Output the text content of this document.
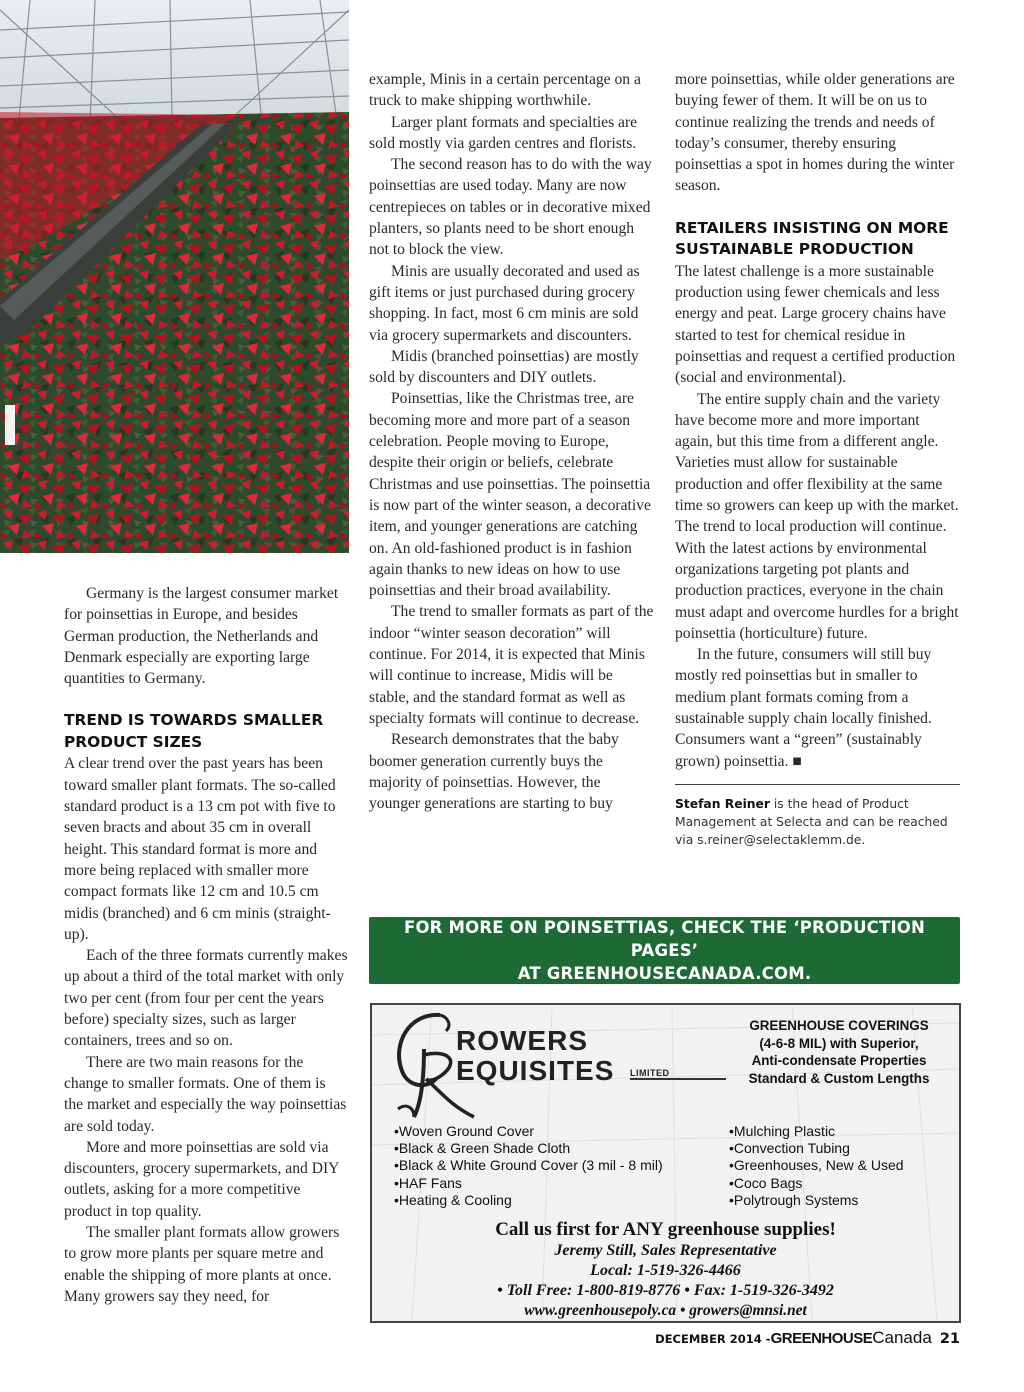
Germany is the largest consumer market for poinsettias in Europe, and besides German production, the Netherlands and Denmark especially are exporting large quantities to Germany.

TREND IS TOWARDS SMALLER PRODUCT SIZES

A clear trend over the past years has been toward smaller plant formats. The so-called standard product is a 13 cm pot with five to seven bracts and about 35 cm in overall height. This standard format is more and more being replaced with smaller more compact formats like 12 cm and 10.5 cm midis (branched) and 6 cm minis (straight-up).

Each of the three formats currently makes up about a third of the total market with only two per cent (from four per cent the years before) specialty sizes, such as larger containers, trees and so on.

There are two main reasons for the change to smaller formats. One of them is the market and especially the way poinsettias are sold today.

More and more poinsettias are sold via discounters, grocery supermarkets, and DIY outlets, asking for a more competitive product in top quality.

The smaller plant formats allow growers to grow more plants per square metre and enable the shipping of more plants at once. Many growers say they need, for

example, Minis in a certain percentage on a truck to make shipping worthwhile.

Larger plant formats and specialties are sold mostly via garden centres and florists.

The second reason has to do with the way poinsettias are used today. Many are now centrepieces on tables or in decorative mixed planters, so plants need to be short enough not to block the view.

Minis are usually decorated and used as gift items or just purchased during grocery shopping. In fact, most 6 cm minis are sold via grocery supermarkets and discounters.

Midis (branched poinsettias) are mostly sold by discounters and DIY outlets.

Poinsettias, like the Christmas tree, are becoming more and more part of a season celebration. People moving to Europe, despite their origin or beliefs, celebrate Christmas and use poinsettias. The poinsettia is now part of the winter season, a decorative item, and younger generations are catching on. An old-fashioned product is in fashion again thanks to new ideas on how to use poinsettias and their broad availability.

The trend to smaller formats as part of the indoor “winter season decoration” will continue. For 2014, it is expected that Minis will continue to increase, Midis will be stable, and the standard format as well as specialty formats will continue to decrease.

Research demonstrates that the baby boomer generation currently buys the majority of poinsettias. However, the younger generations are starting to buy

more poinsettias, while older generations are buying fewer of them. It will be on us to continue realizing the trends and needs of today’s consumer, thereby ensuring poinsettias a spot in homes during the winter season.

RETAILERS INSISTING ON MORE SUSTAINABLE PRODUCTION

The latest challenge is a more sustainable production using fewer chemicals and less energy and peat. Large grocery chains have started to test for chemical residue in poinsettias and request a certified production (social and environmental).

The entire supply chain and the variety have become more and more important again, but this time from a different angle. Varieties must allow for sustainable production and offer flexibility at the same time so growers can keep up with the market. The trend to local production will continue. With the latest actions by environmental organizations targeting pot plants and production practices, everyone in the chain must adapt and overcome hurdles for a bright poinsettia (horticulture) future.

In the future, consumers will still buy mostly red poinsettias but in smaller to medium plant formats coming from a sustainable supply chain locally finished. Consumers want a “green” (sustainably grown) poinsettia. ■

Stefan Reiner is the head of Product Management at Selecta and can be reached via s.reiner@selectaklemm.de.
FOR MORE ON POINSETTIAS, CHECK THE ‘PRODUCTION PAGES’
AT GREENHOUSECANADA.COM.
ROWERS
EQUISITES LIMITED
GREENHOUSE COVERINGS
(4-6-8 MIL) with Superior,
Anti-condensate Properties
Standard & Custom Lengths
• Woven Ground Cover
• Black & Green Shade Cloth
• Black & White Ground Cover (3 mil - 8 mil)
• HAF Fans
• Heating & Cooling
• Mulching Plastic
• Convection Tubing
• Greenhouses, New & Used
• Coco Bags
• Polytrough Systems
Call us first for ANY greenhouse supplies!
Jeremy Still, Sales Representative
Local: 1-519-326-4466
• Toll Free: 1-800-819-8776 • Fax: 1-519-326-3492
www.greenhousepoly.ca • growers@mnsi.net
DECEMBER 2014 -GREENHOUSECanada 21
